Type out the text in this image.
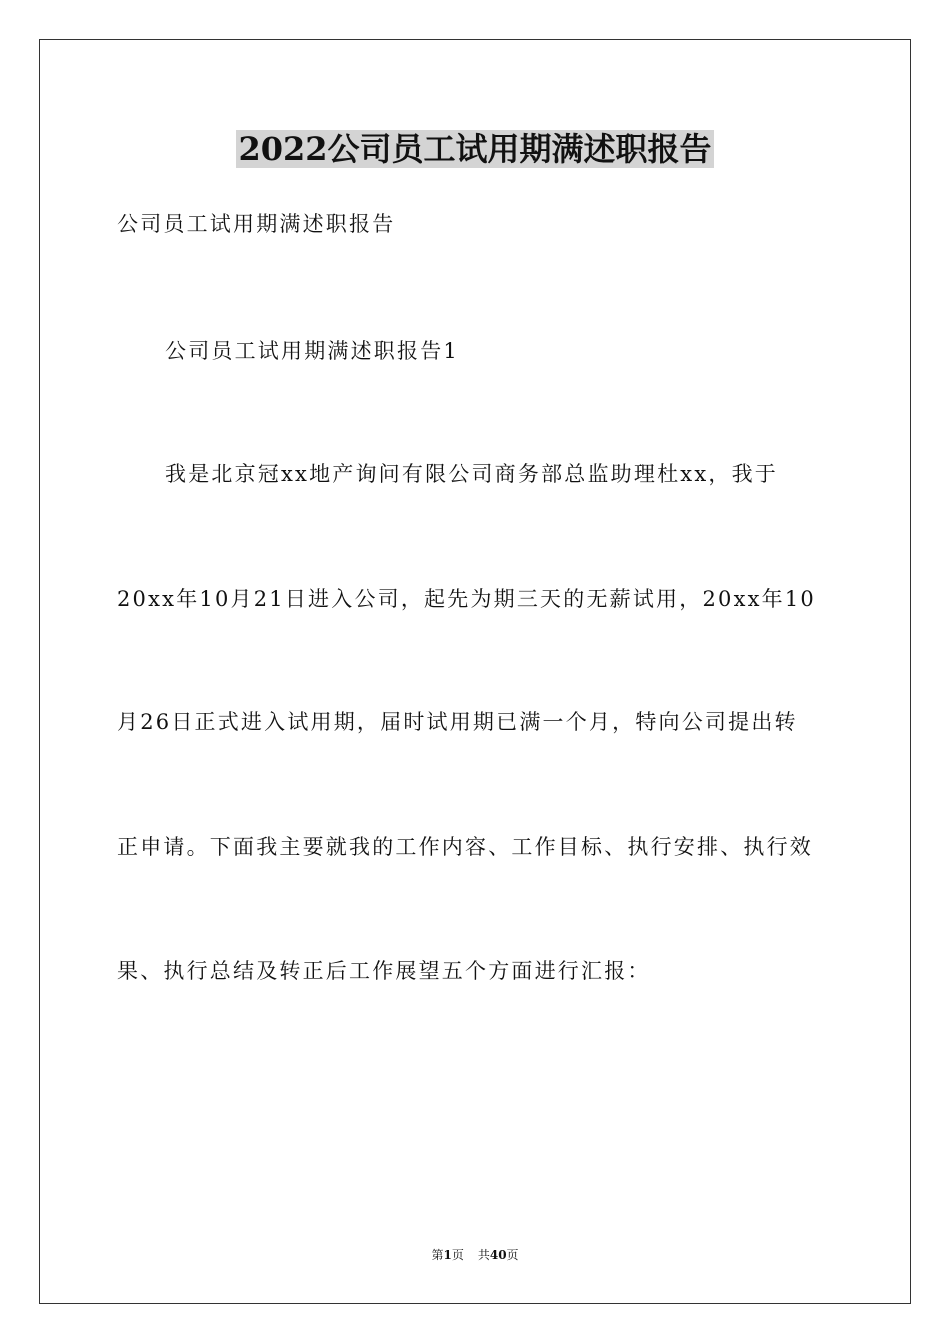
2022公司员工试用期满述职报告
公司员工试用期满述职报告
公司员工试用期满述职报告1
我是北京冠xx地产询问有限公司商务部总监助理杜xx，我于
20xx年10月21日进入公司，起先为期三天的无薪试用，20xx年10
月26日正式进入试用期，届时试用期已满一个月，特向公司提出转
正申请。下面我主要就我的工作内容、工作目标、执行安排、执行效
果、执行总结及转正后工作展望五个方面进行汇报：
第1页 共40页
